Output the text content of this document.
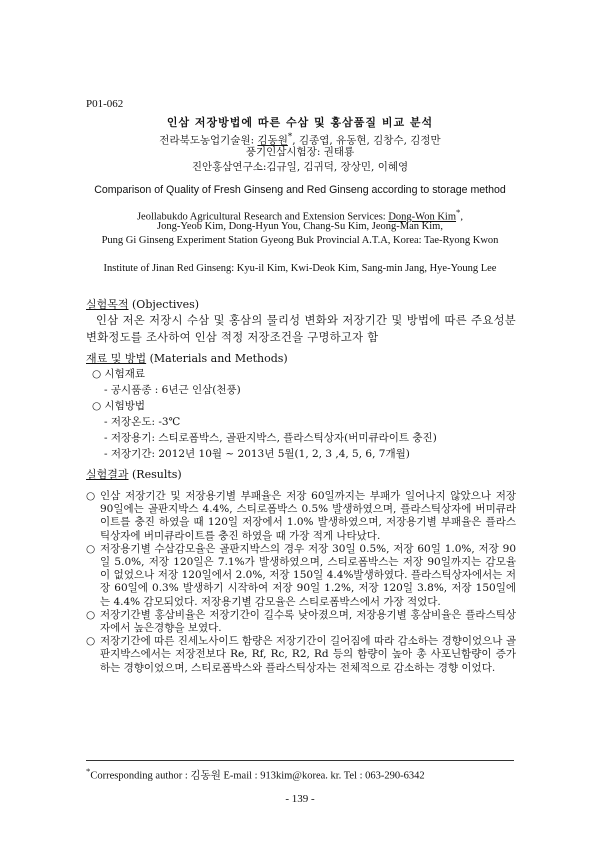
P01-062
인삼 저장방법에 따른 수삼 및 홍삼품질 비교 분석
전라북도농업기술원: 김동원*, 김종엽, 유동현, 김창수, 김정만
풍기인삼시험장: 권태룡
진안홍삼연구소:김규일, 김귀덕, 장상민, 이혜영
Comparison of Quality of Fresh Ginseng and Red Ginseng according to storage method
Jeollabukdo Agricultural Research and Extension Services: Dong-Won Kim*,
Jong-Yeob Kim, Dong-Hyun You, Chang-Su Kim, Jeong-Man Kim,
Pung Gi Ginseng Experiment Station Gyeong Buk Provincial A.T.A, Korea: Tae-Ryong Kwon
Institute of Jinan Red Ginseng: Kyu-il Kim, Kwi-Deok Kim, Sang-min Jang, Hye-Young Lee
실험목적 (Objectives)
인삼 저온 저장시 수삼 및 홍삼의 물리성 변화와 저장기간 및 방법에 따른 주요성분 변화정도를 조사하여 인삼 적정 저장조건을 구명하고자 함
재료 및 방법 (Materials and Methods)
○ 시험재료
- 공시품종 : 6년근 인삼(천풍)
○ 시험방법
- 저장온도: -3℃
- 저장용기: 스티로폼박스, 골판지박스, 플라스틱상자(버미큐라이트 충진)
- 저장기간: 2012년 10월 ~ 2013년 5월(1, 2, 3 ,4, 5, 6, 7개월)
실험결과 (Results)
○ 인삼 저장기간 및 저장용기별 부패율은 저장 60일까지는 부패가 일어나지 않았으나 저장 90일에는 골판지박스 4.4%, 스티로폼박스 0.5% 발생하였으며, 플라스틱상자에 버미큐라이트를 충진 하였을 때 120일 저장에서 1.0% 발생하였으며, 저장용기별 부패율은 플라스틱상자에 버미큐라이트를 충진 하였을 때 가장 적게 나타났다.
○ 저장용기별 수삼감모율은 골판지박스의 경우 저장 30일 0.5%, 저장 60일 1.0%, 저장 90일 5.0%, 저장 120일은 7.1%가 발생하였으며, 스티로폼박스는 저장 90일까지는 감모율이 없었으나 저장 120일에서 2.0%, 저장 150일 4.4%발생하였다. 플라스틱상자에서는 저장 60일에 0.3% 발생하기 시작하여 저장 90일 1.2%, 저장 120일 3.8%, 저장 150일에는 4.4% 감모되었다. 저장용기별 감모율은 스티로폼박스에서 가장 적었다.
○ 저장기간별 홍삼비율은 저장기간이 길수록 낮아졌으며, 저장용기별 홍삼비율은 플라스틱상자에서 높은경향을 보였다.
○ 저장기간에 따른 진세노사이드 함량은 저장기간이 길어짐에 따라 감소하는 경향이었으나 골판지박스에서는 저장전보다 Re, Rf, Rc, R2, Rd 등의 함량이 높아 총 사포닌함량이 증가하는 경향이었으며, 스티로폼박스와 플라스틱상자는 전체적으로 감소하는 경향 이었다.
*Corresponding author : 김동원 E-mail : 913kim@korea. kr. Tel : 063-290-6342
- 139 -
